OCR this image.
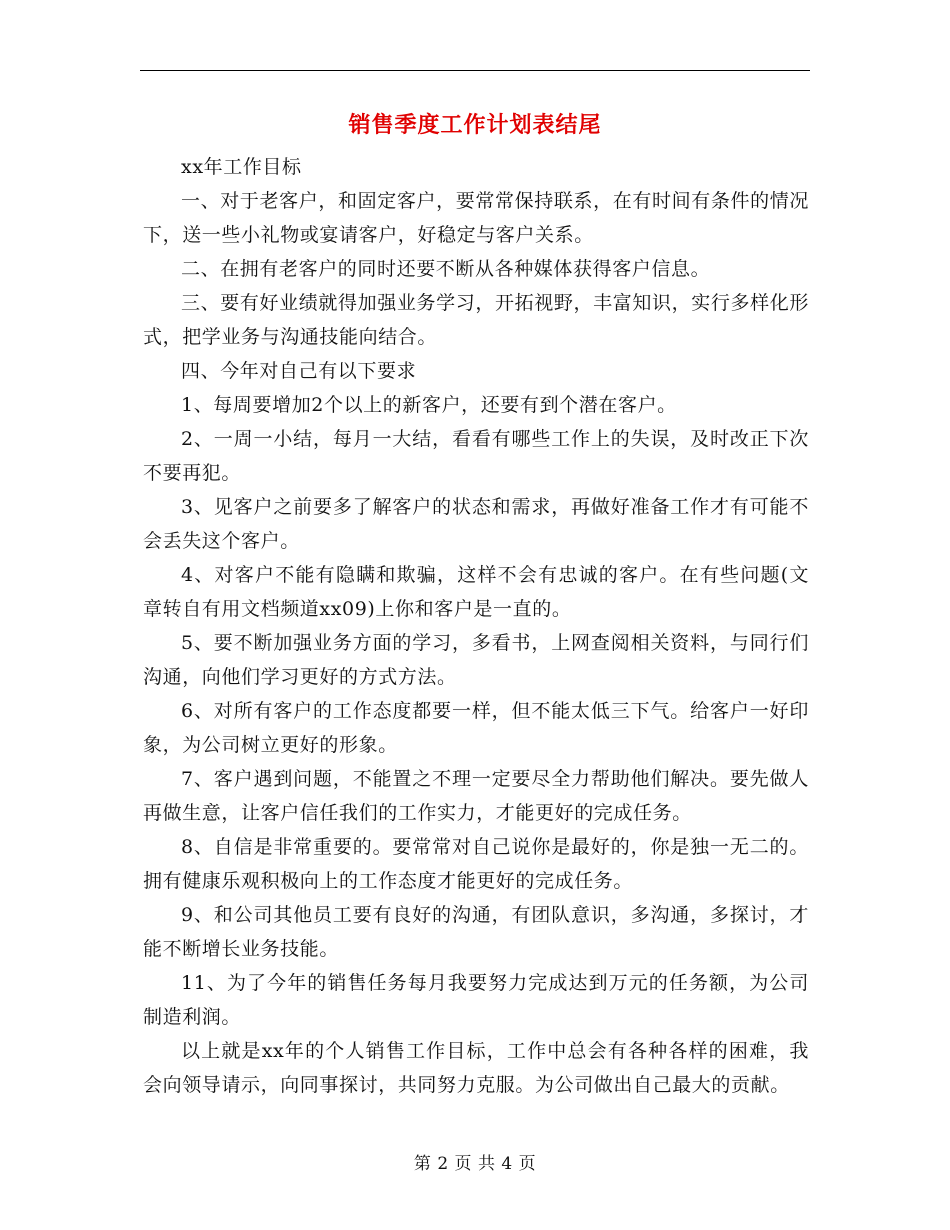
销售季度工作计划表结尾

xx年工作目标

一、对于老客户，和固定客户，要常常保持联系，在有时间有条件的情况下，送一些小礼物或宴请客户，好稳定与客户关系。

二、在拥有老客户的同时还要不断从各种媒体获得客户信息。

三、要有好业绩就得加强业务学习，开拓视野，丰富知识，实行多样化形式，把学业务与沟通技能向结合。

四、今年对自己有以下要求

1、每周要增加2个以上的新客户，还要有到个潜在客户。

2、一周一小结，每月一大结，看看有哪些工作上的失误，及时改正下次不要再犯。

3、见客户之前要多了解客户的状态和需求，再做好准备工作才有可能不会丢失这个客户。

4、对客户不能有隐瞒和欺骗，这样不会有忠诚的客户。在有些问题(文章转自有用文档频道xx09)上你和客户是一直的。

5、要不断加强业务方面的学习，多看书，上网查阅相关资料，与同行们沟通，向他们学习更好的方式方法。

6、对所有客户的工作态度都要一样，但不能太低三下气。给客户一好印象，为公司树立更好的形象。

7、客户遇到问题，不能置之不理一定要尽全力帮助他们解决。要先做人再做生意，让客户信任我们的工作实力，才能更好的完成任务。

8、自信是非常重要的。要常常对自己说你是最好的，你是独一无二的。拥有健康乐观积极向上的工作态度才能更好的完成任务。

9、和公司其他员工要有良好的沟通，有团队意识，多沟通，多探讨，才能不断增长业务技能。

11、为了今年的销售任务每月我要努力完成达到万元的任务额，为公司制造利润。

以上就是xx年的个人销售工作目标，工作中总会有各种各样的困难，我会向领导请示，向同事探讨，共同努力克服。为公司做出自己最大的贡献。

第 2 页 共 4 页
